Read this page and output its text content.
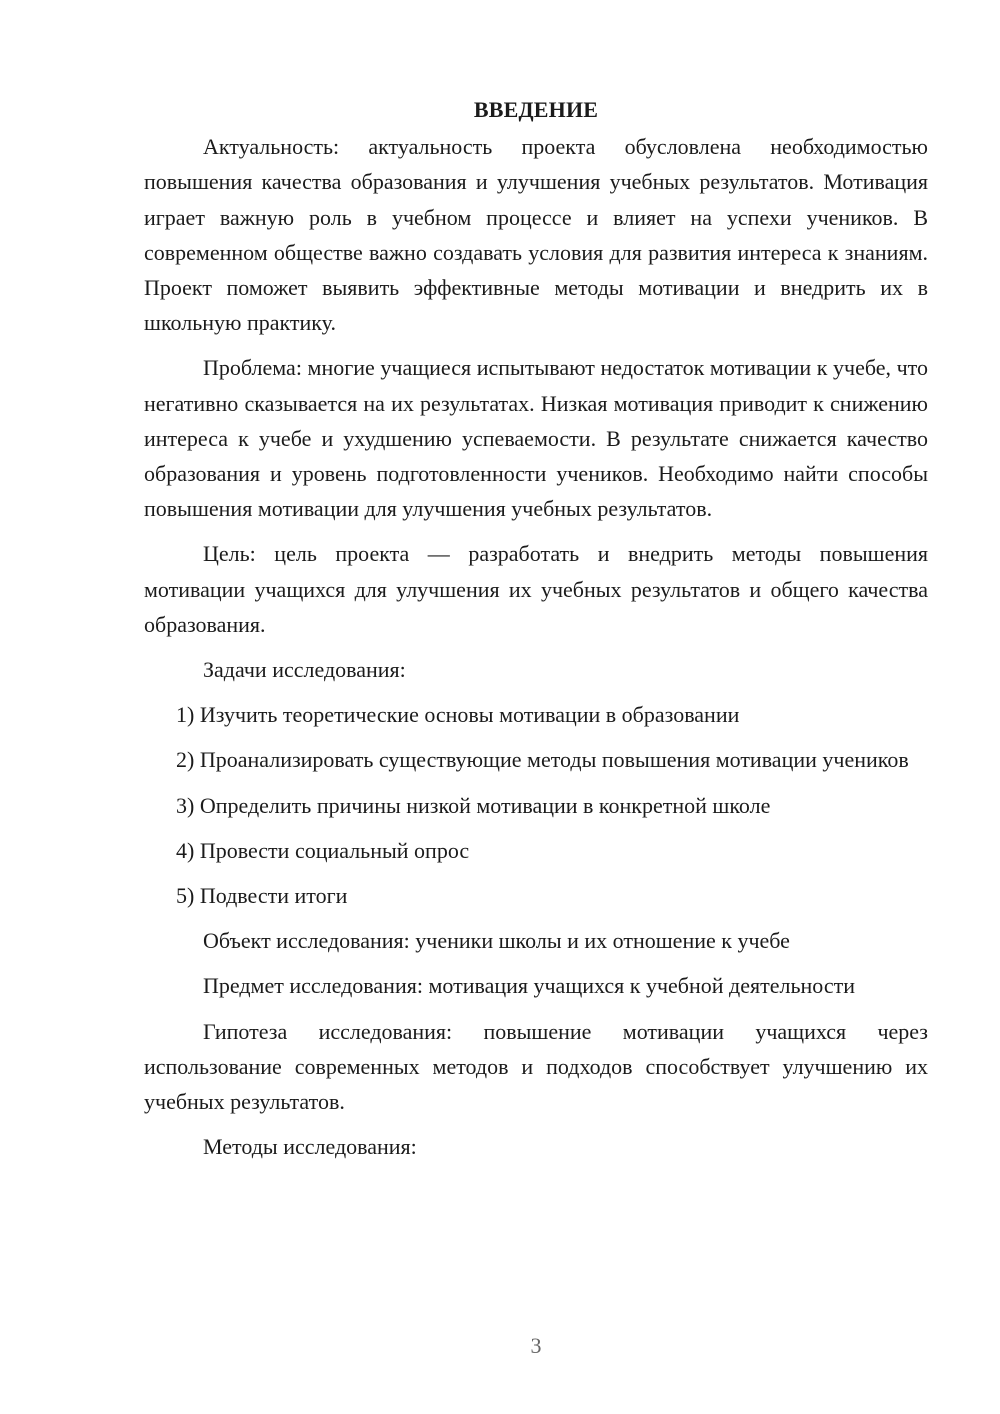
ВВЕДЕНИЕ

Актуальность: актуальность проекта обусловлена необходимостью повышения качества образования и улучшения учебных результатов. Мотивация играет важную роль в учебном процессе и влияет на успехи учеников. В современном обществе важно создавать условия для развития интереса к знаниям. Проект поможет выявить эффективные методы мотивации и внедрить их в школьную практику.

Проблема: многие учащиеся испытывают недостаток мотивации к учебе, что негативно сказывается на их результатах. Низкая мотивация приводит к снижению интереса к учебе и ухудшению успеваемости. В результате снижается качество образования и уровень подготовленности учеников. Необходимо найти способы повышения мотивации для улучшения учебных результатов.

Цель: цель проекта — разработать и внедрить методы повышения мотивации учащихся для улучшения их учебных результатов и общего качества образования.

Задачи исследования:

1) Изучить теоретические основы мотивации в образовании

2) Проанализировать существующие методы повышения мотивации учеников

3) Определить причины низкой мотивации в конкретной школе

4) Провести социальный опрос

5) Подвести итоги

Объект исследования: ученики школы и их отношение к учебе

Предмет исследования: мотивация учащихся к учебной деятельности

Гипотеза исследования: повышение мотивации учащихся через использование современных методов и подходов способствует улучшению их учебных результатов.

Методы исследования:

3
